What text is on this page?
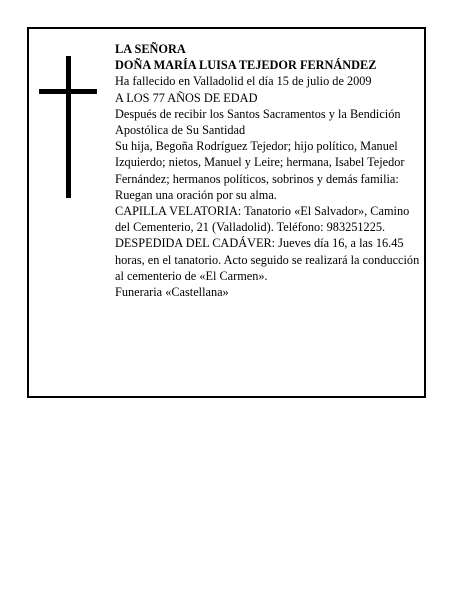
LA SEÑORA

DOÑA MARÍA LUISA TEJEDOR FERNÁNDEZ

Ha fallecido en Valladolid el día 15 de julio de 2009

A LOS 77 AÑOS DE EDAD

Después de recibir los Santos Sacramentos y la Bendición Apostólica de Su Santidad

Su hija, Begoña Rodríguez Tejedor; hijo político, Manuel Izquierdo; nietos, Manuel y Leire; hermana, Isabel Tejedor Fernández; hermanos políticos, sobrinos y demás familia:

Ruegan una oración por su alma.

CAPILLA VELATORIA: Tanatorio «El Salvador», Camino del Cementerio, 21 (Valladolid). Teléfono: 983251225.

DESPEDIDA DEL CADÁVER: Jueves día 16, a las 16.45 horas, en el tanatorio. Acto seguido se realizará la conducción al cementerio de «El Carmen».

Funeraria «Castellana»
